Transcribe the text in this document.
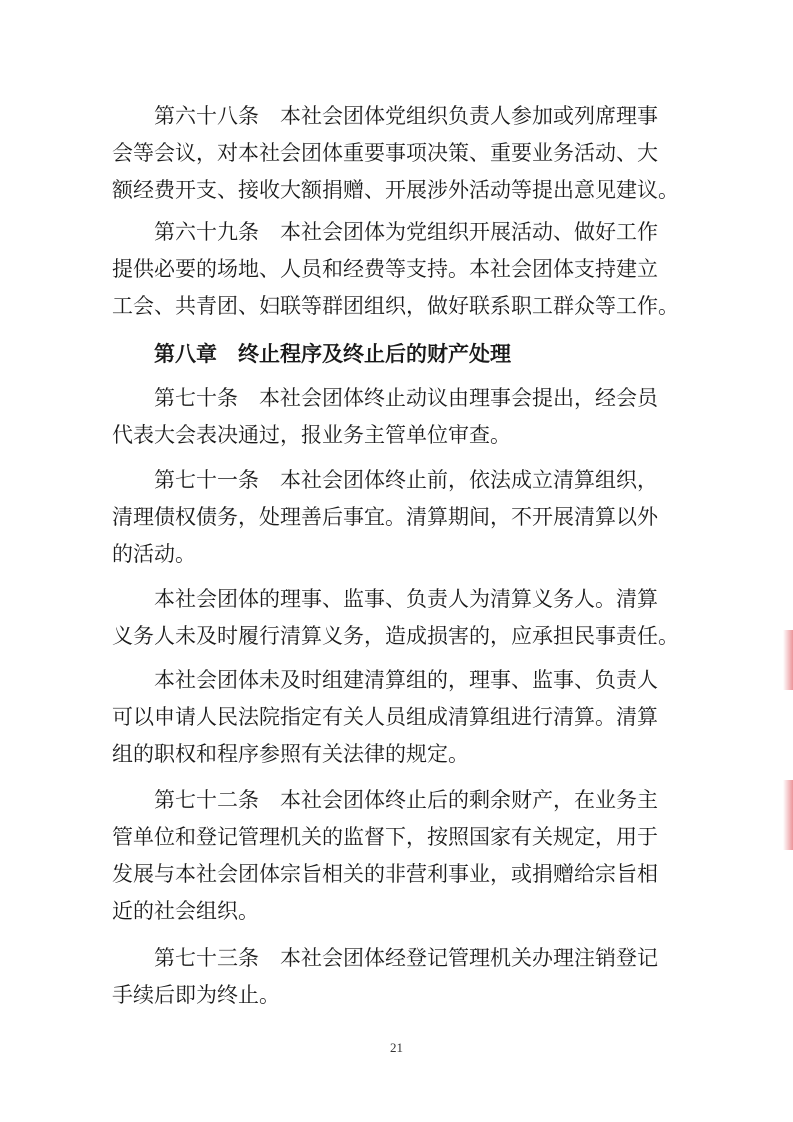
第六十八条　本社会团体党组织负责人参加或列席理事
会等会议，对本社会团体重要事项决策、重要业务活动、大
额经费开支、接收大额捐赠、开展涉外活动等提出意见建议。
第六十九条　本社会团体为党组织开展活动、做好工作
提供必要的场地、人员和经费等支持。本社会团体支持建立
工会、共青团、妇联等群团组织，做好联系职工群众等工作。
第八章　终止程序及终止后的财产处理
第七十条　本社会团体终止动议由理事会提出，经会员
代表大会表决通过，报业务主管单位审查。
第七十一条　本社会团体终止前，依法成立清算组织，
清理债权债务，处理善后事宜。清算期间，不开展清算以外
的活动。
本社会团体的理事、监事、负责人为清算义务人。清算
义务人未及时履行清算义务，造成损害的，应承担民事责任。
本社会团体未及时组建清算组的，理事、监事、负责人
可以申请人民法院指定有关人员组成清算组进行清算。清算
组的职权和程序参照有关法律的规定。
第七十二条　本社会团体终止后的剩余财产，在业务主
管单位和登记管理机关的监督下，按照国家有关规定，用于
发展与本社会团体宗旨相关的非营利事业，或捐赠给宗旨相
近的社会组织。
第七十三条　本社会团体经登记管理机关办理注销登记
手续后即为终止。
21
